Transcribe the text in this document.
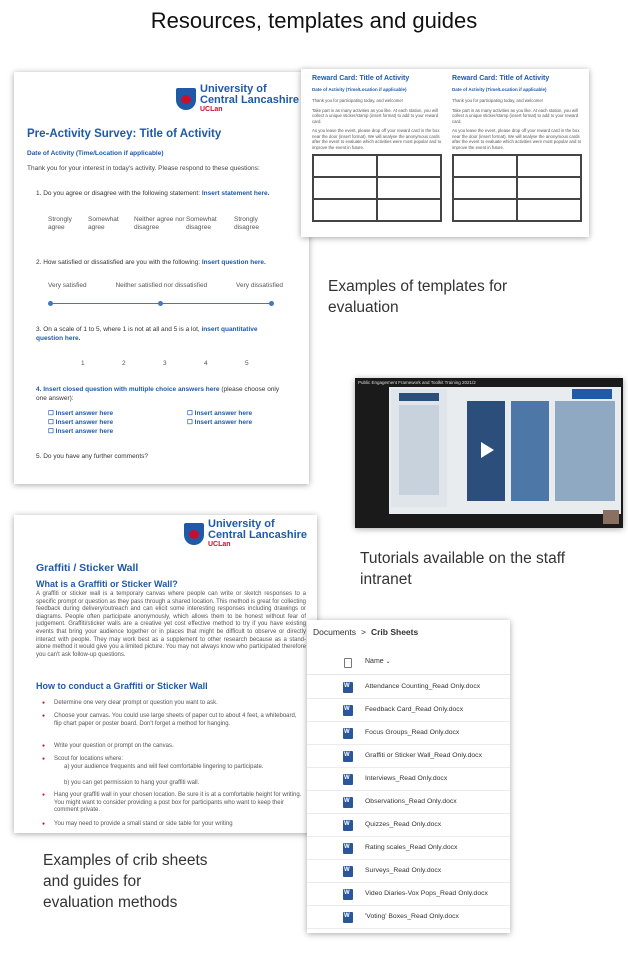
Resources, templates and guides
University of
Central Lancashire
UCLan
Pre-Activity Survey: Title of Activity
Date of Activity (Time/Location if applicable)
Thank you for your interest in today's activity. Please respond to these questions:
1. Do you agree or disagree with the following statement: Insert statement here.
Strongly agree
Somewhat agree
Neither agree nor disagree
Somewhat disagree
Strongly disagree
2. How satisfied or dissatisfied are you with the following: Insert question here.
Very satisfied	Neither satisfied nor dissatisfied	Very dissatisfied
3. On a scale of 1 to 5, where 1 is not at all and 5 is a lot, insert quantitative question here.
1	2	3	4	5
4. Insert closed question with multiple choice answers here (please choose only one answer):
☐ Insert answer here	☐ Insert answer here
☐ Insert answer here	☐ Insert answer here
☐ Insert answer here
5. Do you have any further comments?
Reward Card: Title of Activity
Date of Activity (Time/Location if applicable)
Thank you for participating today, and welcome!
Take part in as many activities as you like. At each station, you will collect a unique sticker/stamp (insert format) to add to your reward card.
As you leave the event, please drop off your reward card in the box near the door (insert format). We will analyse the anonymous cards after the event to evaluate which activities were most popular and to improve the event in future.
Reward Card: Title of Activity
Date of Activity (Time/Location if applicable)
Thank you for participating today, and welcome!
Take part in as many activities as you like. At each station, you will collect a unique sticker/stamp (insert format) to add to your reward card.
As you leave the event, please drop off your reward card in the box near the door (insert format). We will analyse the anonymous cards after the event to evaluate which activities were most popular and to improve the event in future.
Examples of templates for
evaluation
Public Engagement Framework and Toolkit Training 2021/2
Tutorials available on the staff
intranet
University of
Central Lancashire
UCLan
Graffiti / Sticker Wall
What is a Graffiti or Sticker Wall?
A graffiti or sticker wall is a temporary canvas where people can write or sketch responses to a specific prompt or question as they pass through a shared location. This method is great for collecting feedback during delivery/outreach and can elicit some interesting responses including drawings or diagrams. People often participate anonymously, which allows them to be honest without fear of judgement. Graffiti/sticker walls are a creative yet cost effective method to try if you have existing events that bring your audience together or in places that might be difficult to observe or directly interact with people. They may work best as a supplement to other research because as a stand-alone method it would give you a limited picture. You may not always know who participated therefore you can't ask follow-up questions.
How to conduct a Graffiti or Sticker Wall
● Determine one very clear prompt or question you want to ask.
● Choose your canvas. You could use large sheets of paper cut to about 4 feet, a whiteboard, flip chart paper or poster board. Don't forget a method for hanging.
● Write your question or prompt on the canvas.
● Scout for locations where:
a) your audience frequents and will feel comfortable lingering to participate.
b) you can get permission to hang your graffiti wall.
● Hang your graffiti wall in your chosen location. Be sure it is at a comfortable height for writing. You might want to consider providing a post box for participants who want to keep their comment private.
● You may need to provide a small stand or side table for your writing
Examples of crib sheets
and guides for
evaluation methods
Documents > Crib Sheets
Name ⌄
W
Attendance Counting_Read Only.docx
W
Feedback Card_Read Only.docx
W
Focus Groups_Read Only.docx
W
Graffiti or Sticker Wall_Read Only.docx
W
Interviews_Read Only.docx
W
Observations_Read Only.docx
W
Quizzes_Read Only.docx
W
Rating scales_Read Only.docx
W
Surveys_Read Only.docx
W
Video Diaries-Vox Pops_Read Only.docx
W
'Voting' Boxes_Read Only.docx
